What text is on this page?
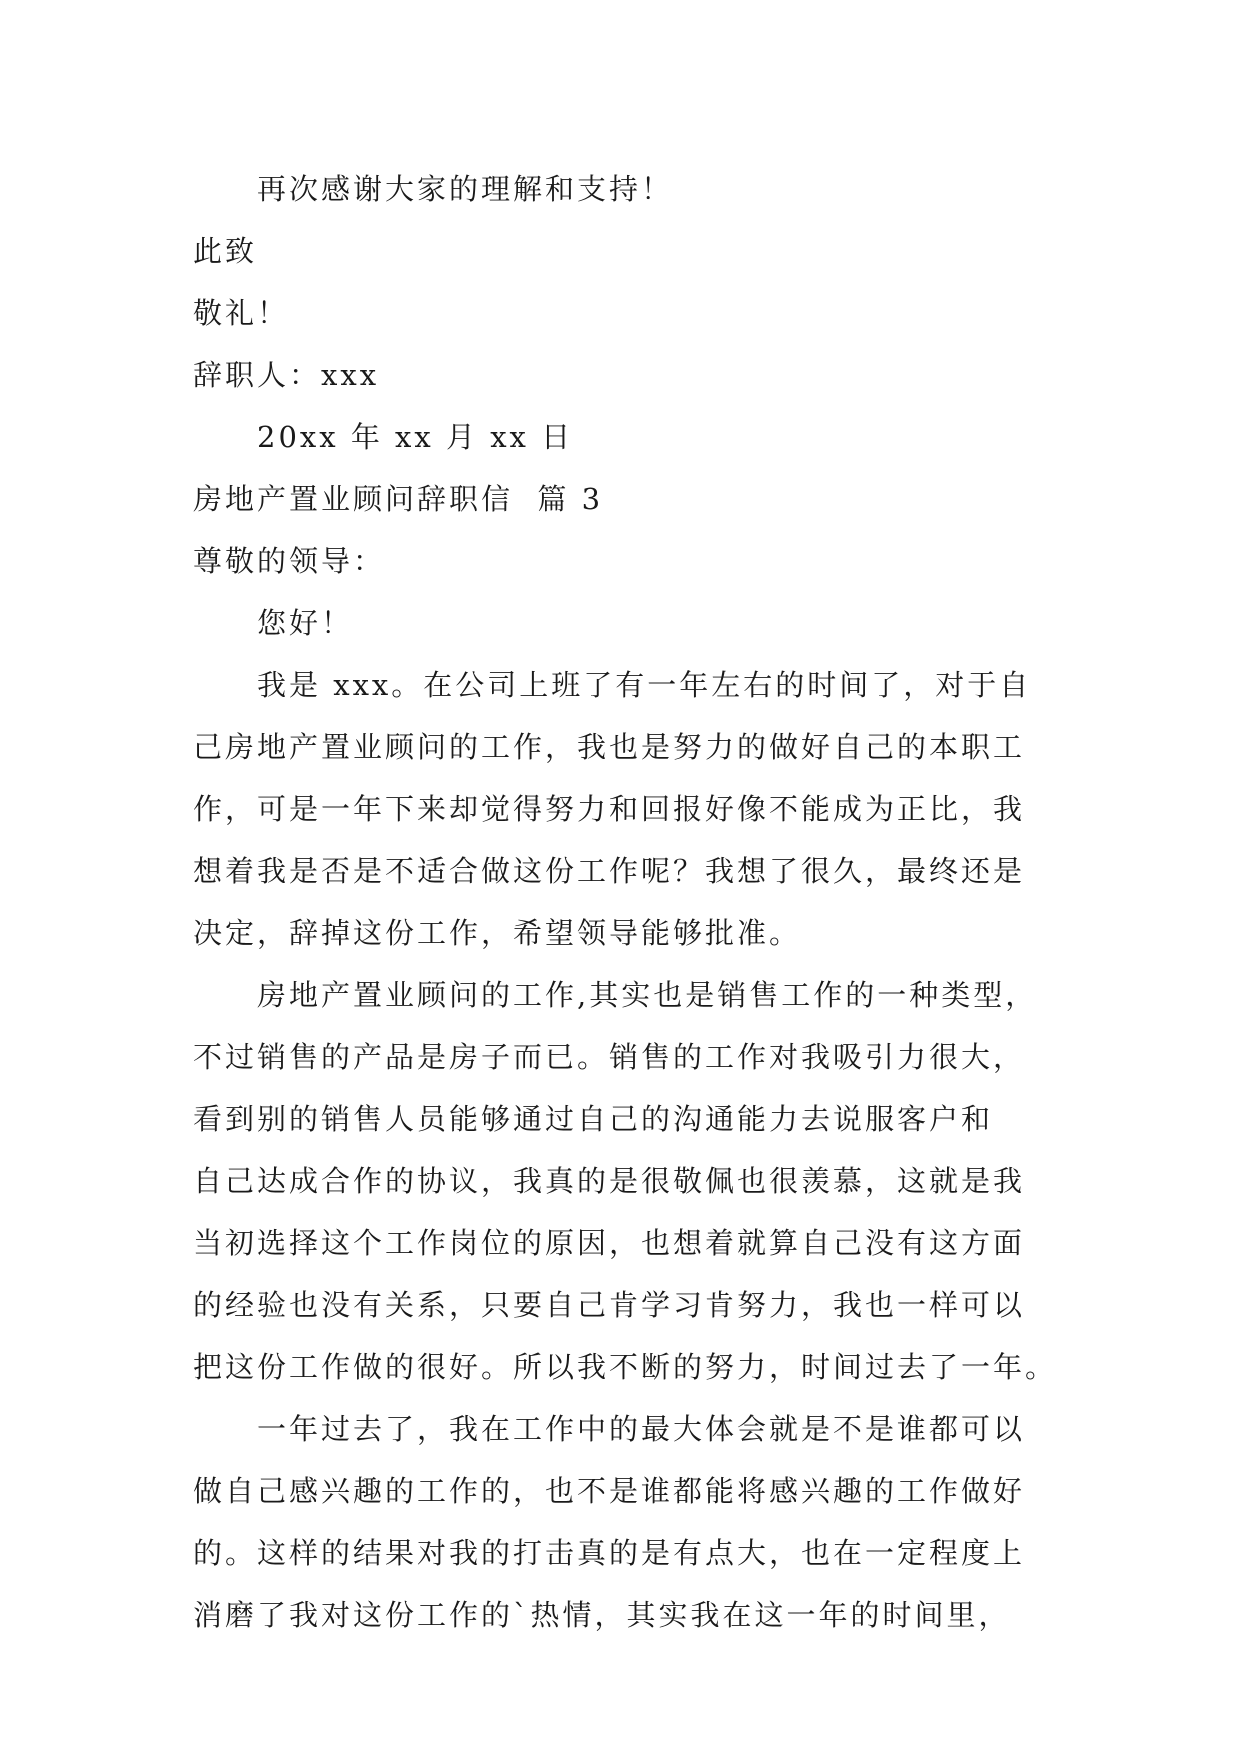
再次感谢大家的理解和支持！
此致
敬礼！
辞职人：xxx
20xx 年 xx 月 xx 日
房地产置业顾问辞职信  篇 3
尊敬的领导：
您好！
我是 xxx。在公司上班了有一年左右的时间了，对于自
己房地产置业顾问的工作，我也是努力的做好自己的本职工
作，可是一年下来却觉得努力和回报好像不能成为正比，我
想着我是否是不适合做这份工作呢？我想了很久，最终还是
决定，辞掉这份工作，希望领导能够批准。
房地产置业顾问的工作,其实也是销售工作的一种类型，
不过销售的产品是房子而已。销售的工作对我吸引力很大，
看到别的销售人员能够通过自己的沟通能力去说服客户和
自己达成合作的协议，我真的是很敬佩也很羡慕，这就是我
当初选择这个工作岗位的原因，也想着就算自己没有这方面
的经验也没有关系，只要自己肯学习肯努力，我也一样可以
把这份工作做的很好。所以我不断的努力，时间过去了一年。
一年过去了，我在工作中的最大体会就是不是谁都可以
做自己感兴趣的工作的，也不是谁都能将感兴趣的工作做好
的。这样的结果对我的打击真的是有点大，也在一定程度上
消磨了我对这份工作的`热情，其实我在这一年的时间里，
